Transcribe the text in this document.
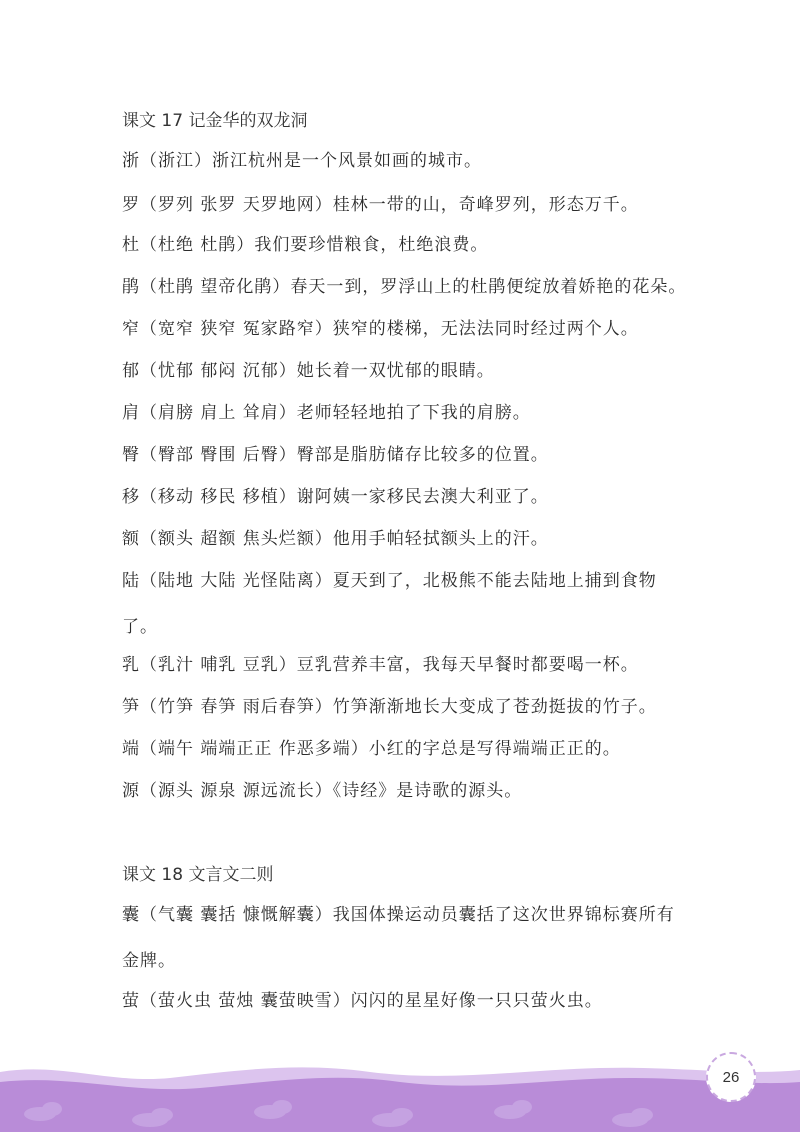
课文 17 记金华的双龙洞
浙（浙江）浙江杭州是一个风景如画的城市。
罗（罗列 张罗 天罗地网）桂林一带的山，奇峰罗列，形态万千。
杜（杜绝 杜鹃）我们要珍惜粮食，杜绝浪费。
鹃（杜鹃 望帝化鹃）春天一到，罗浮山上的杜鹃便绽放着娇艳的花朵。
窄（宽窄 狭窄 冤家路窄）狭窄的楼梯，无法法同时经过两个人。
郁（忧郁 郁闷 沉郁）她长着一双忧郁的眼睛。
肩（肩膀 肩上 耸肩）老师轻轻地拍了下我的肩膀。
臀（臀部 臀围 后臀）臀部是脂肪储存比较多的位置。
移（移动 移民 移植）谢阿姨一家移民去澳大利亚了。
额（额头 超额 焦头烂额）他用手帕轻拭额头上的汗。
陆（陆地 大陆 光怪陆离）夏天到了，北极熊不能去陆地上捕到食物了。
乳（乳汁 哺乳 豆乳）豆乳营养丰富，我每天早餐时都要喝一杯。
笋（竹笋 春笋 雨后春笋）竹笋渐渐地长大变成了苍劲挺拔的竹子。
端（端午 端端正正 作恶多端）小红的字总是写得端端正正的。
源（源头 源泉 源远流长）《诗经》是诗歌的源头。
课文 18 文言文二则
囊（气囊 囊括 慷慨解囊）我国体操运动员囊括了这次世界锦标赛所有金牌。
萤（萤火虫 萤烛 囊萤映雪）闪闪的星星好像一只只萤火虫。
26
